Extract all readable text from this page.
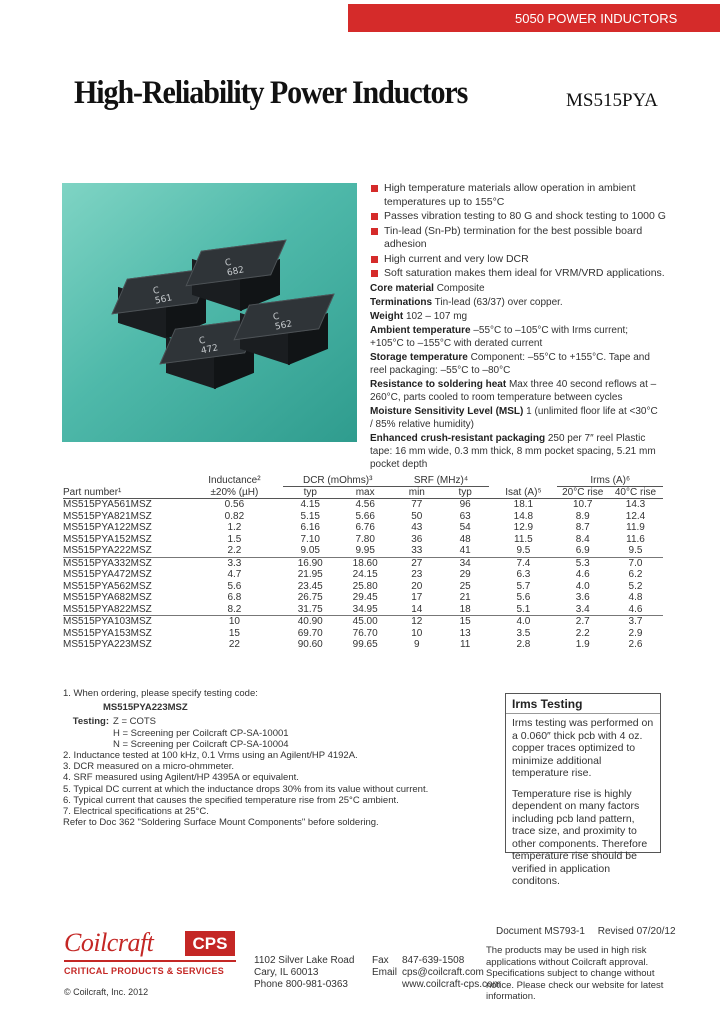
5050 POWER INDUCTORS
High-Reliability Power Inductors	MS515PYA
C 561
C 682
C 472
C 562
High temperature materials allow operation in ambient temperatures up to 155°C
Passes vibration testing to 80 G and shock testing to 1000 G
Tin-lead (Sn-Pb) termination for the best possible board adhesion
High current and very low DCR
Soft saturation makes them ideal for VRM/VRD applications.

Core material Composite

Terminations Tin-lead (63/37) over copper.

Weight 102 – 107 mg

Ambient temperature –55°C to –105°C with Irms current; +105°C to –155°C with derated current

Storage temperature Component: –55°C to +155°C. Tape and reel packaging: –55°C to –80°C

Resistance to soldering heat Max three 40 second reflows at –260°C, parts cooled to room temperature between cycles

Moisture Sensitivity Level (MSL) 1 (unlimited floor life at <30°C / 85% relative humidity)

Enhanced crush-resistant packaging 250 per 7″ reel Plastic tape: 16 mm wide, 0.3 mm thick, 8 mm pocket spacing, 5.21 mm pocket depth

	Inductance²	DCR (mOhms)³		SRF (MHz)⁴			Irms (A)⁶	
Part number¹	±20% (µH)	typ	max	min	typ	Isat (A)⁵	20°C rise	40°C rise
MS515PYA561MSZ	0.56	4.15	4.56	77	96	18.1	10.7	14.3
MS515PYA821MSZ	0.82	5.15	5.66	50	63	14.8	8.9	12.4
MS515PYA122MSZ	1.2	6.16	6.76	43	54	12.9	8.7	11.9
MS515PYA152MSZ	1.5	7.10	7.80	36	48	11.5	8.4	11.6
MS515PYA222MSZ	2.2	9.05	9.95	33	41	9.5	6.9	9.5
MS515PYA332MSZ	3.3	16.90	18.60	27	34	7.4	5.3	7.0
MS515PYA472MSZ	4.7	21.95	24.15	23	29	6.3	4.6	6.2
MS515PYA562MSZ	5.6	23.45	25.80	20	25	5.7	4.0	5.2
MS515PYA682MSZ	6.8	26.75	29.45	17	21	5.6	3.6	4.8
MS515PYA822MSZ	8.2	31.75	34.95	14	18	5.1	3.4	4.6
MS515PYA103MSZ	10	40.90	45.00	12	15	4.0	2.7	3.7
MS515PYA153MSZ	15	69.70	76.70	10	13	3.5	2.2	2.9
MS515PYA223MSZ	22	90.60	99.65	9	11	2.8	1.9	2.6

1. When ordering, please specify testing code:

MS515PYA223MSZ

Testing: Z = COTS
H = Screening per Coilcraft CP-SA-10001
N = Screening per Coilcraft CP-SA-10004

2. Inductance tested at 100 kHz, 0.1 Vrms using an Agilent/HP 4192A.

3. DCR measured on a micro-ohmmeter.

4. SRF measured using Agilent/HP 4395A or equivalent.

5. Typical DC current at which the inductance drops 30% from its value without current.

6. Typical current that causes the specified temperature rise from 25°C ambient.

7. Electrical specifications at 25°C.

Refer to Doc 362 "Soldering Surface Mount Components" before soldering.

Irms Testing

Irms testing was performed on a 0.060″ thick pcb with 4 oz. copper traces optimized to minimize additional temperature rise.

Temperature rise is highly dependent on many factors including pcb land pattern, trace size, and proximity to other components. Therefore temperature rise should be verified in application conditons.

Document MS793-1 Revised 07/20/12
Coilcraft	CPS
CRITICAL PRODUCTS & SERVICES
© Coilcraft, Inc. 2012
1102 Silver Lake Road
Cary, IL 60013
Phone 800-981-0363
Fax 847-639-1508
Email cps@coilcraft.com
www.coilcraft-cps.com
The products may be used in high risk applications without Coilcraft approval. Specifications subject to change without notice. Please check our website for latest information.
